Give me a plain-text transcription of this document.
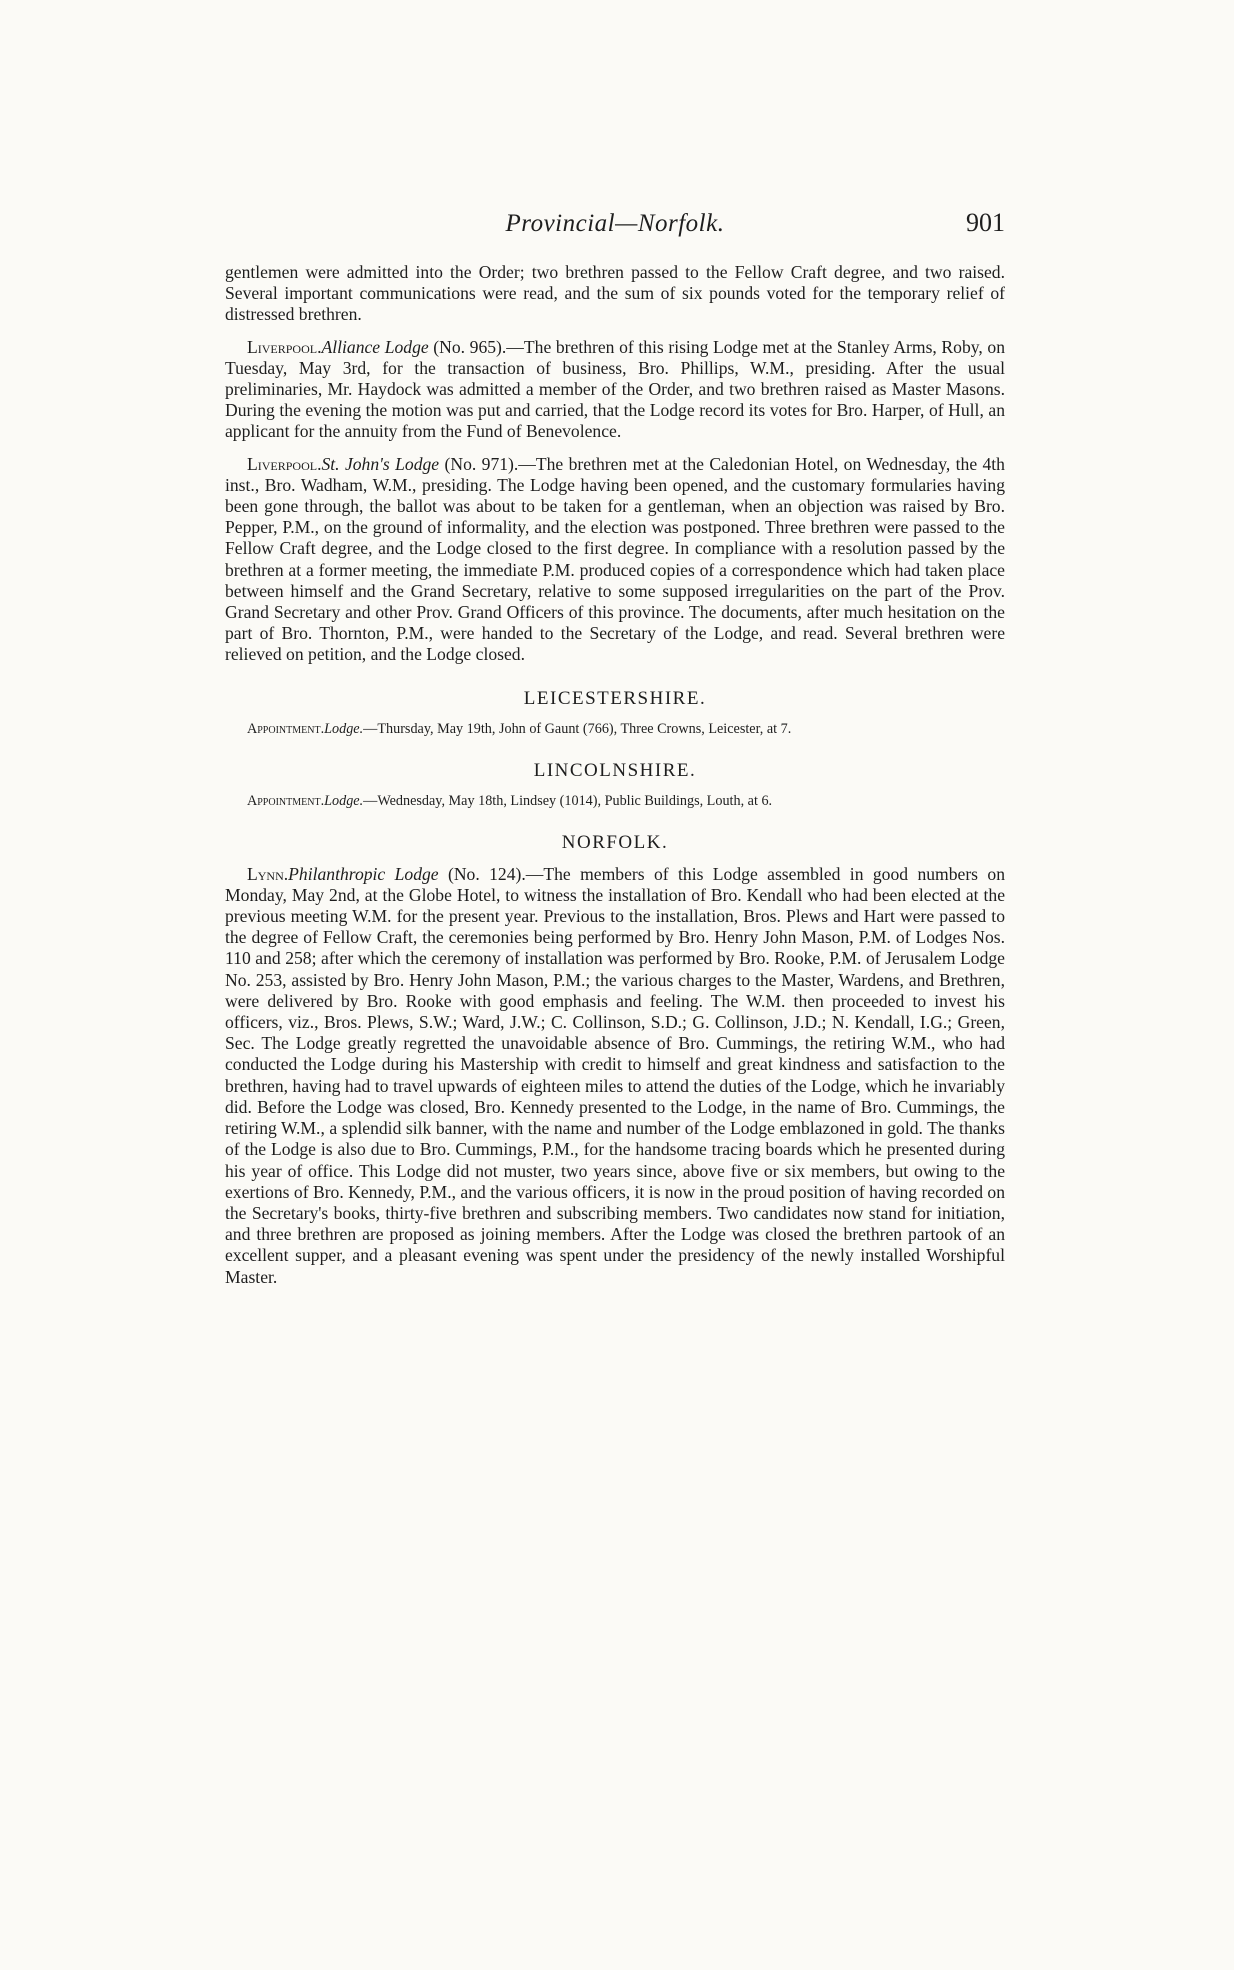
Provincial—Norfolk.	901

gentlemen were admitted into the Order; two brethren passed to the Fellow Craft degree, and two raised. Several important communications were read, and the sum of six pounds voted for the temporary relief of distressed brethren.

Liverpool.Alliance Lodge (No. 965).—The brethren of this rising Lodge met at the Stanley Arms, Roby, on Tuesday, May 3rd, for the transaction of business, Bro. Phillips, W.M., presiding. After the usual preliminaries, Mr. Haydock was admitted a member of the Order, and two brethren raised as Master Masons. During the evening the motion was put and carried, that the Lodge record its votes for Bro. Harper, of Hull, an applicant for the annuity from the Fund of Benevolence.

Liverpool.St. John's Lodge (No. 971).—The brethren met at the Caledonian Hotel, on Wednesday, the 4th inst., Bro. Wadham, W.M., presiding. The Lodge having been opened, and the customary formularies having been gone through, the ballot was about to be taken for a gentleman, when an objection was raised by Bro. Pepper, P.M., on the ground of informality, and the election was postponed. Three brethren were passed to the Fellow Craft degree, and the Lodge closed to the first degree. In compliance with a resolution passed by the brethren at a former meeting, the immediate P.M. produced copies of a correspondence which had taken place between himself and the Grand Secretary, relative to some supposed irregularities on the part of the Prov. Grand Secretary and other Prov. Grand Officers of this province. The documents, after much hesitation on the part of Bro. Thornton, P.M., were handed to the Secretary of the Lodge, and read. Several brethren were relieved on petition, and the Lodge closed.

LEICESTERSHIRE.

Appointment.Lodge.—Thursday, May 19th, John of Gaunt (766), Three Crowns, Leicester, at 7.

LINCOLNSHIRE.

Appointment.Lodge.—Wednesday, May 18th, Lindsey (1014), Public Buildings, Louth, at 6.

NORFOLK.

Lynn.Philanthropic Lodge (No. 124).—The members of this Lodge assembled in good numbers on Monday, May 2nd, at the Globe Hotel, to witness the installation of Bro. Kendall who had been elected at the previous meeting W.M. for the present year. Previous to the installation, Bros. Plews and Hart were passed to the degree of Fellow Craft, the ceremonies being performed by Bro. Henry John Mason, P.M. of Lodges Nos. 110 and 258; after which the ceremony of installation was performed by Bro. Rooke, P.M. of Jerusalem Lodge No. 253, assisted by Bro. Henry John Mason, P.M.; the various charges to the Master, Wardens, and Brethren, were delivered by Bro. Rooke with good emphasis and feeling. The W.M. then proceeded to invest his officers, viz., Bros. Plews, S.W.; Ward, J.W.; C. Collinson, S.D.; G. Collinson, J.D.; N. Kendall, I.G.; Green, Sec. The Lodge greatly regretted the unavoidable absence of Bro. Cummings, the retiring W.M., who had conducted the Lodge during his Mastership with credit to himself and great kindness and satisfaction to the brethren, having had to travel upwards of eighteen miles to attend the duties of the Lodge, which he invariably did. Before the Lodge was closed, Bro. Kennedy presented to the Lodge, in the name of Bro. Cummings, the retiring W.M., a splendid silk banner, with the name and number of the Lodge emblazoned in gold. The thanks of the Lodge is also due to Bro. Cummings, P.M., for the handsome tracing boards which he presented during his year of office. This Lodge did not muster, two years since, above five or six members, but owing to the exertions of Bro. Kennedy, P.M., and the various officers, it is now in the proud position of having recorded on the Secretary's books, thirty-five brethren and subscribing members. Two candidates now stand for initiation, and three brethren are proposed as joining members. After the Lodge was closed the brethren partook of an excellent supper, and a pleasant evening was spent under the presidency of the newly installed Worshipful Master.
